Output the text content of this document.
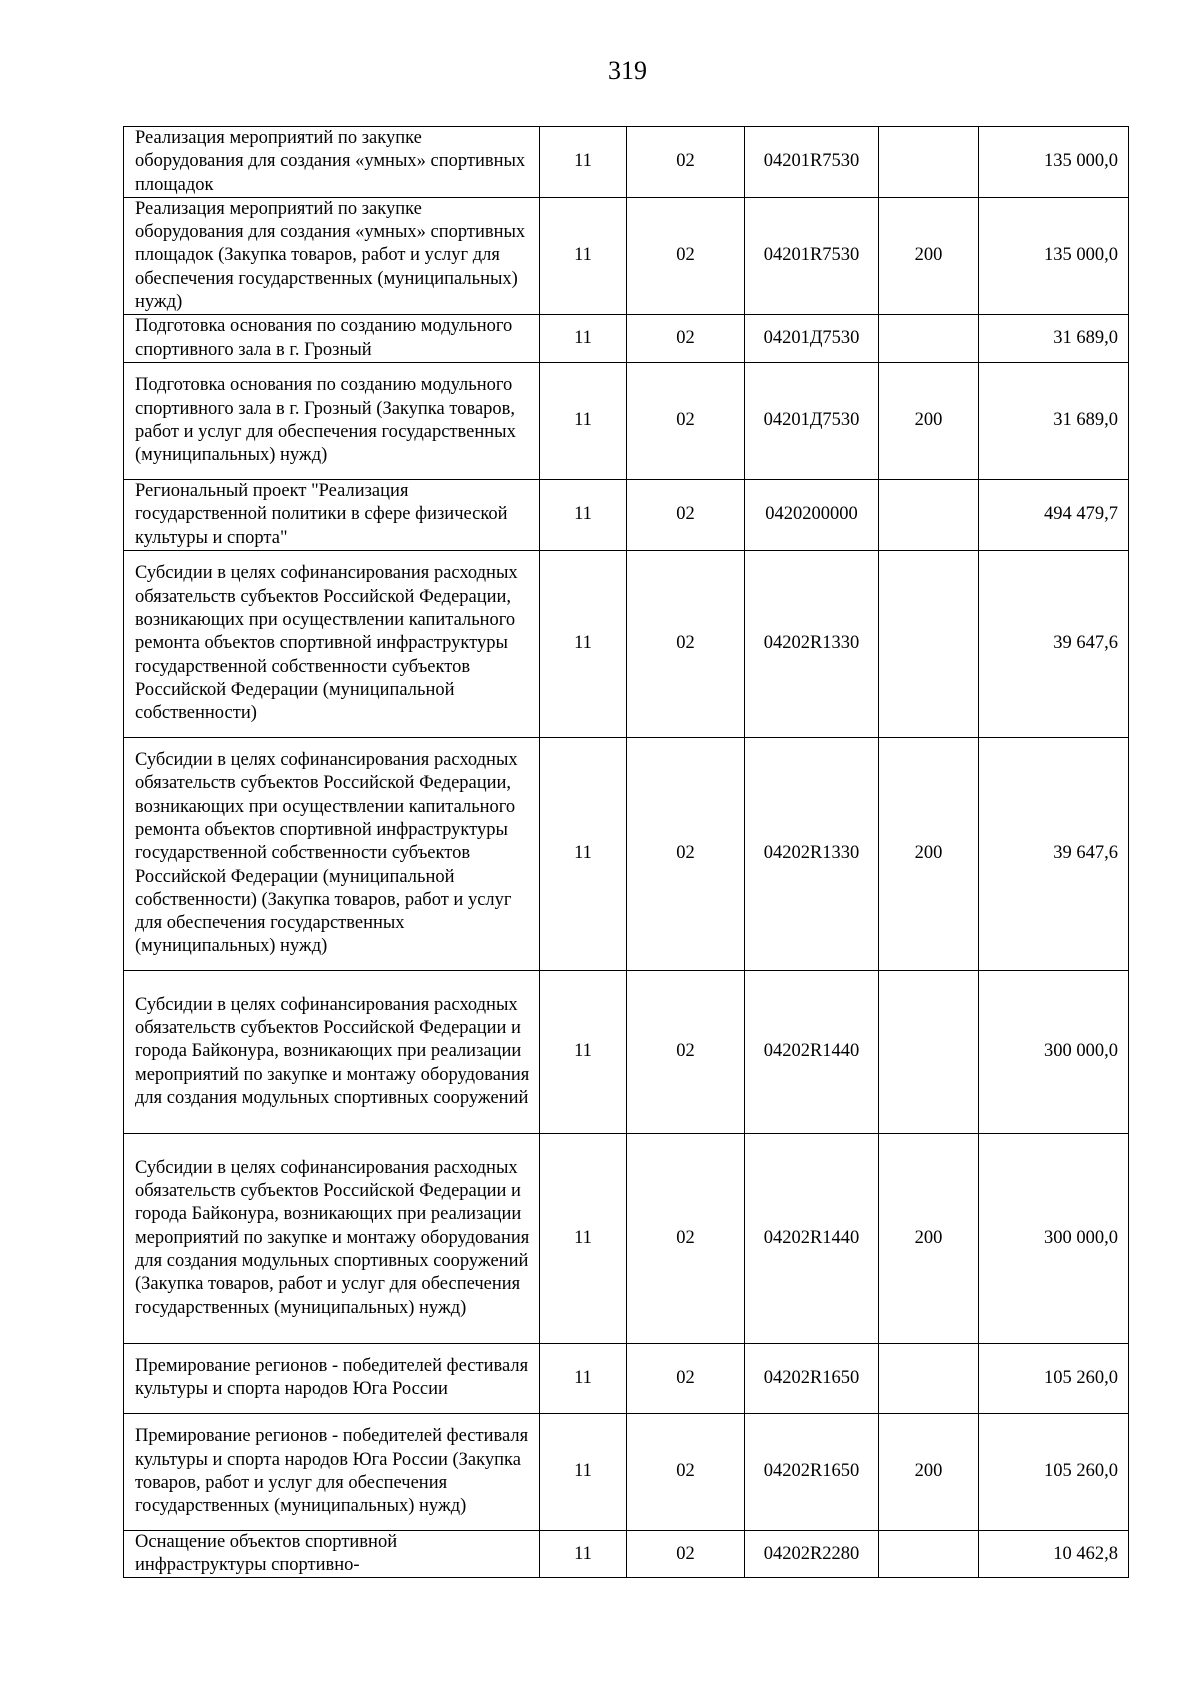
319
Реализация мероприятий по закупке оборудования для создания «умных» спортивных площадок	11	02	04201R7530		135 000,0
Реализация мероприятий по закупке оборудования для создания «умных» спортивных площадок (Закупка товаров, работ и услуг для обеспечения государственных (муниципальных) нужд)	11	02	04201R7530	200	135 000,0
Подготовка основания по созданию модульного спортивного зала в г. Грозный	11	02	04201Д7530		31 689,0
Подготовка основания по созданию модульного спортивного зала в г. Грозный (Закупка товаров, работ и услуг для обеспечения государственных (муниципальных) нужд)	11	02	04201Д7530	200	31 689,0
Региональный проект "Реализация государственной политики в сфере физической культуры и спорта"	11	02	0420200000		494 479,7
Субсидии в целях софинансирования расходных обязательств субъектов Российской Федерации, возникающих при осуществлении капитального ремонта объектов спортивной инфраструктуры государственной собственности субъектов Российской Федерации (муниципальной собственности)	11	02	04202R1330		39 647,6
Субсидии в целях софинансирования расходных обязательств субъектов Российской Федерации, возникающих при осуществлении капитального ремонта объектов спортивной инфраструктуры государственной собственности субъектов Российской Федерации (муниципальной собственности) (Закупка товаров, работ и услуг для обеспечения государственных (муниципальных) нужд)	11	02	04202R1330	200	39 647,6
Субсидии в целях софинансирования расходных обязательств субъектов Российской Федерации и города Байконура, возникающих при реализации мероприятий по закупке и монтажу оборудования для создания модульных спортивных сооружений	11	02	04202R1440		300 000,0
Субсидии в целях софинансирования расходных обязательств субъектов Российской Федерации и города Байконура, возникающих при реализации мероприятий по закупке и монтажу оборудования для создания модульных спортивных сооружений (Закупка товаров, работ и услуг для обеспечения государственных (муниципальных) нужд)	11	02	04202R1440	200	300 000,0
Премирование регионов - победителей фестиваля культуры и спорта народов Юга России	11	02	04202R1650		105 260,0
Премирование регионов - победителей фестиваля культуры и спорта народов Юга России (Закупка товаров, работ и услуг для обеспечения государственных (муниципальных) нужд)	11	02	04202R1650	200	105 260,0
Оснащение объектов спортивной инфраструктуры спортивно-	11	02	04202R2280		10 462,8
